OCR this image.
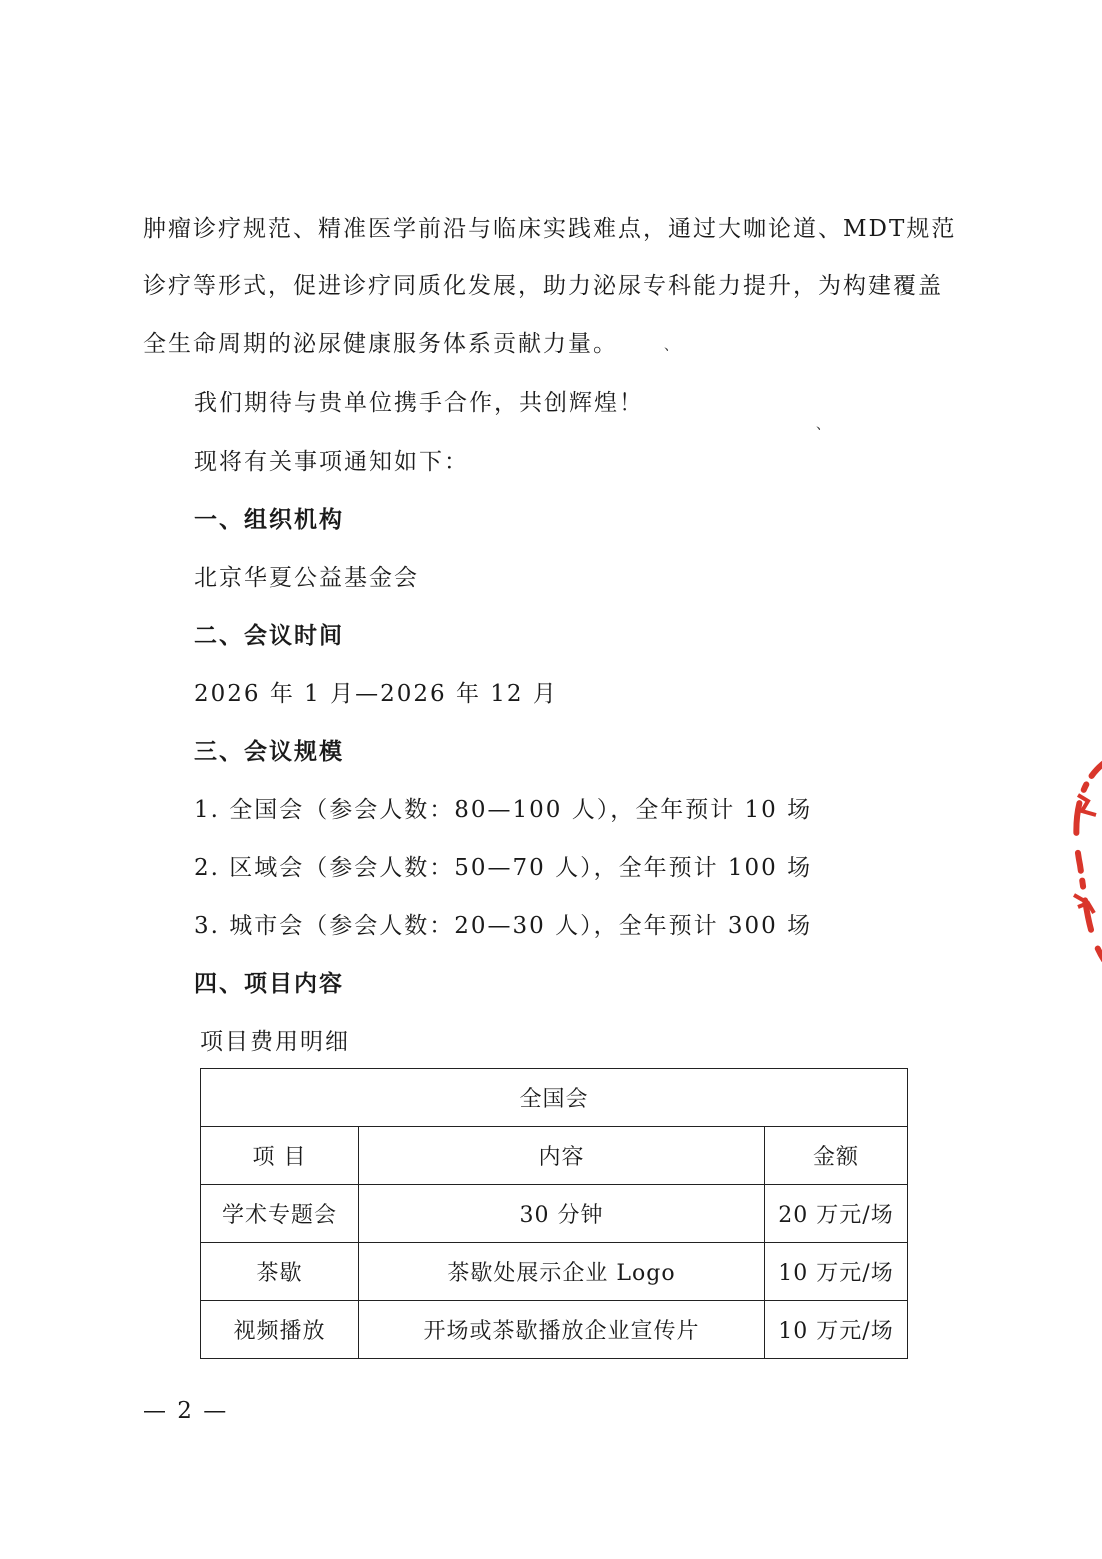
肿瘤诊疗规范、精准医学前沿与临床实践难点，通过大咖论道、MDT规范
诊疗等形式，促进诊疗同质化发展，助力泌尿专科能力提升，为构建覆盖
全生命周期的泌尿健康服务体系贡献力量。	、
我们期待与贵单位携手合作，共创辉煌！
、
现将有关事项通知如下：
一、组织机构
北京华夏公益基金会
二、会议时间
2026 年 1 月—2026 年 12 月
三、会议规模
1. 全国会（参会人数：80—100 人），全年预计 10 场
2. 区域会（参会人数：50—70 人），全年预计 100 场
3. 城市会（参会人数：20—30 人），全年预计 300 场
四、项目内容
项目费用明细
全国会		
项 目	内容	金额
学术专题会	30 分钟	20 万元/场
茶歇	茶歇处展示企业 Logo	10 万元/场
视频播放	开场或茶歇播放企业宣传片	10 万元/场
— 2 —
